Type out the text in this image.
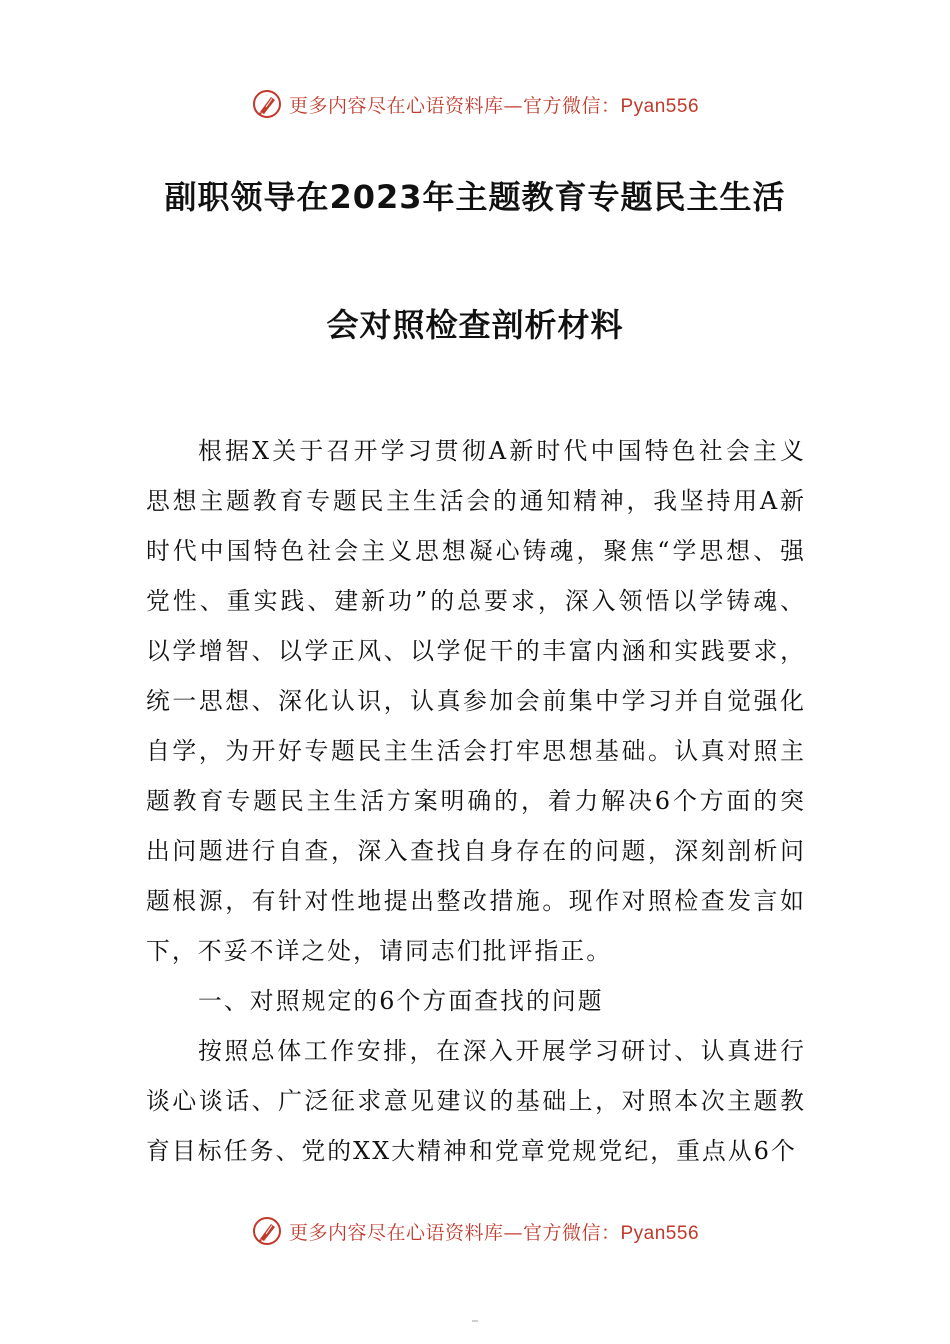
更多内容尽在心语资料库—官方微信：Pyan556
副职领导在2023年主题教育专题民主生活
会对照检查剖析材料

根据X关于召开学习贯彻A新时代中国特色社会主义思想主题教育专题民主生活会的通知精神，我坚持用A新时代中国特色社会主义思想凝心铸魂，聚焦“学思想、强党性、重实践、建新功”的总要求，深入领悟以学铸魂、以学增智、以学正风、以学促干的丰富内涵和实践要求，统一思想、深化认识，认真参加会前集中学习并自觉强化自学，为开好专题民主生活会打牢思想基础。认真对照主题教育专题民主生活方案明确的，着力解决6个方面的突出问题进行自查，深入查找自身存在的问题，深刻剖析问题根源，有针对性地提出整改措施。现作对照检查发言如下，不妥不详之处，请同志们批评指正。

一、对照规定的6个方面查找的问题

按照总体工作安排，在深入开展学习研讨、认真进行谈心谈话、广泛征求意见建议的基础上，对照本次主题教育目标任务、党的XX大精神和党章党规党纪，重点从6个

更多内容尽在心语资料库—官方微信：Pyan556
